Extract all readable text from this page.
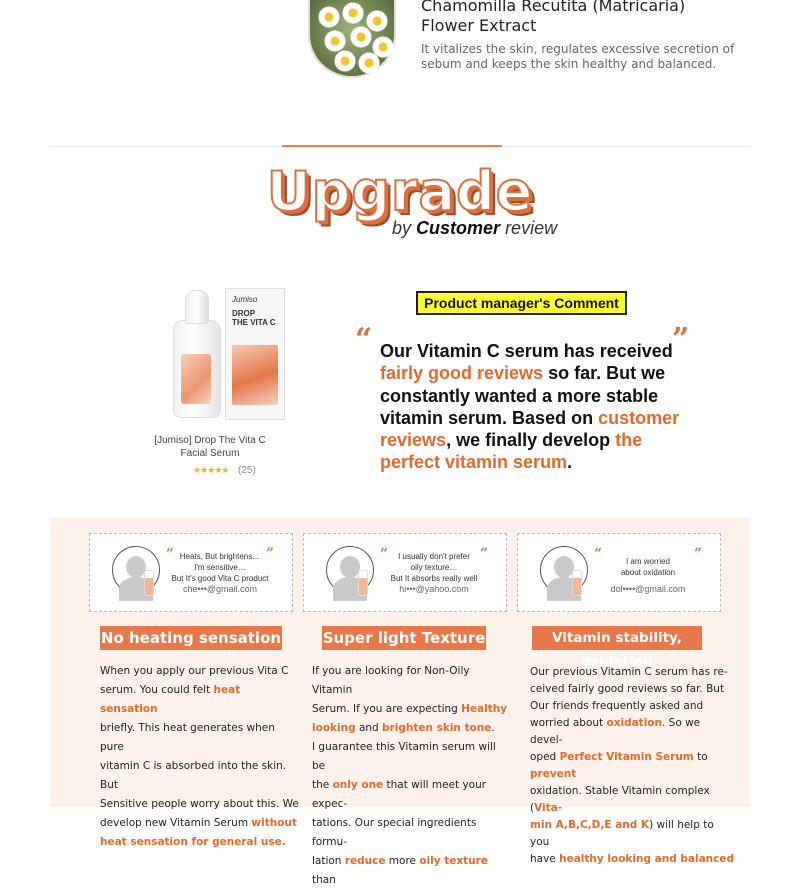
Chamomilla Recutita (Matricaria)
Flower Extract
It vitalizes the skin, regulates excessive secretion of
sebum and keeps the skin healthy and balanced.
Upgrade
by Customer review
Jumiso
DROP
THE VITA C
[Jumiso] Drop The Vita C
Facial Serum
★★★★★ (25)
Product manager's Comment
“	”
Our Vitamin C serum has received fairly good reviews so far. But we constantly wanted a more stable vitamin serum. Based on customer reviews, we finally develop the perfect vitamin serum.
“	”
Heats, But brightens…
I'm sensitive…
But It's good Vita C product
che•••@gmail.com
“	”
I usually don't prefer
oily texture…
But It absorbs really well
hi•••@yahoo.com
“	”
I am worried
about oxidation
dol••••@gmail.com
No heating sensation
When you apply our previous Vita C
serum. You could felt heat sensation
briefly. This heat generates when pure
vitamin C is absorbed into the skin. But
Sensitive people worry about this. We
develop new Vitamin Serum without
heat sensation for general use.
Super light Texture
If you are looking for Non-Oily Vitamin
Serum. If you are expecting Healthy
looking and brighten skin tone.
I guarantee this Vitamin serum will be
the only one that will meet your expec-
tations. Our special ingredients formu-
lation reduce more oily texture than
Vitamin stability, oxidation
Our previous Vitamin C serum has re-
ceived fairly good reviews so far. But
Our friends frequently asked and
worried about oxidation. So we devel-
oped Perfect Vitamin Serum to prevent
oxidation. Stable Vitamin complex (Vita-
min A,B,C,D,E and K) will help to you
have healthy looking and balanced
